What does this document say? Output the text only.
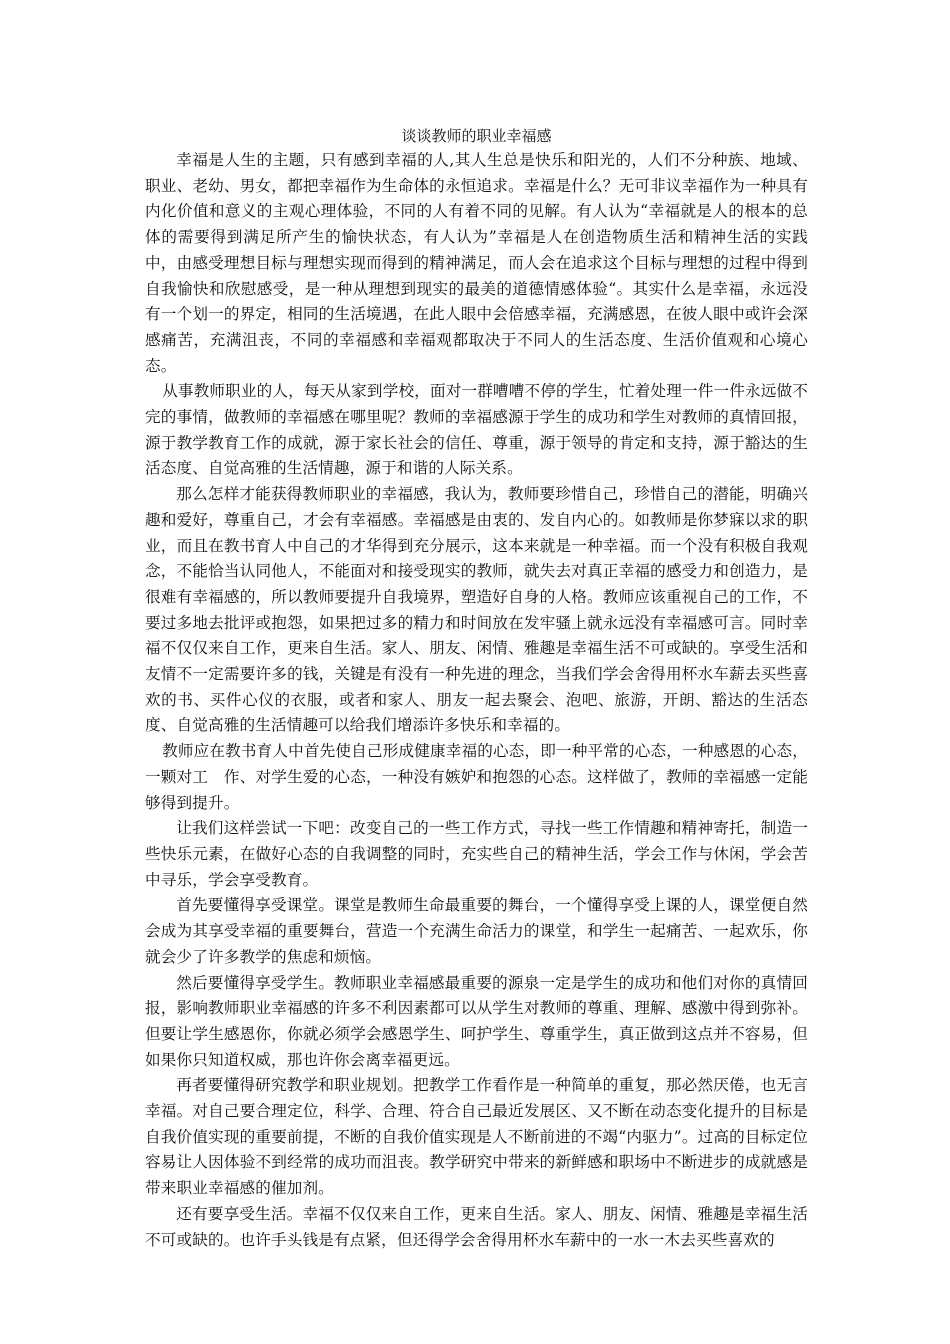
谈谈教师的职业幸福感

幸福是人生的主题，只有感到幸福的人,其人生总是快乐和阳光的，人们不分种族、地域、职业、老幼、男女，都把幸福作为生命体的永恒追求。幸福是什么？无可非议幸福作为一种具有内化价值和意义的主观心理体验，不同的人有着不同的见解。有人认为“幸福就是人的根本的总体的需要得到满足所产生的愉快状态，有人认为”幸福是人在创造物质生活和精神生活的实践中，由感受理想目标与理想实现而得到的精神满足，而人会在追求这个目标与理想的过程中得到自我愉快和欣慰感受，是一种从理想到现实的最美的道德情感体验“。其实什么是幸福，永远没有一个划一的界定，相同的生活境遇，在此人眼中会倍感幸福，充满感恩，在彼人眼中或许会深感痛苦，充满沮丧，不同的幸福感和幸福观都取决于不同人的生活态度、生活价值观和心境心态。

从事教师职业的人，每天从家到学校，面对一群嘈嘈不停的学生，忙着处理一件一件永远做不完的事情，做教师的幸福感在哪里呢？教师的幸福感源于学生的成功和学生对教师的真情回报，源于教学教育工作的成就，源于家长社会的信任、尊重，源于领导的肯定和支持，源于豁达的生活态度、自觉高雅的生活情趣，源于和谐的人际关系。

那么怎样才能获得教师职业的幸福感，我认为，教师要珍惜自己，珍惜自己的潜能，明确兴趣和爱好，尊重自己，才会有幸福感。幸福感是由衷的、发自内心的。如教师是你梦寐以求的职业，而且在教书育人中自己的才华得到充分展示，这本来就是一种幸福。而一个没有积极自我观念，不能恰当认同他人，不能面对和接受现实的教师，就失去对真正幸福的感受力和创造力，是很难有幸福感的，所以教师要提升自我境界，塑造好自身的人格。教师应该重视自己的工作，不要过多地去批评或抱怨，如果把过多的精力和时间放在发牢骚上就永远没有幸福感可言。同时幸福不仅仅来自工作，更来自生活。家人、朋友、闲情、雅趣是幸福生活不可或缺的。享受生活和友情不一定需要许多的钱，关键是有没有一种先进的理念，当我们学会舍得用杯水车薪去买些喜欢的书、买件心仪的衣服，或者和家人、朋友一起去聚会、泡吧、旅游，开朗、豁达的生活态度、自觉高雅的生活情趣可以给我们增添许多快乐和幸福的。

教师应在教书育人中首先使自己形成健康幸福的心态，即一种平常的心态，一种感恩的心态，一颗对工　作、对学生爱的心态，一种没有嫉妒和抱怨的心态。这样做了，教师的幸福感一定能够得到提升。

让我们这样尝试一下吧：改变自己的一些工作方式，寻找一些工作情趣和精神寄托，制造一些快乐元素，在做好心态的自我调整的同时，充实些自己的精神生活，学会工作与休闲，学会苦中寻乐，学会享受教育。

首先要懂得享受课堂。课堂是教师生命最重要的舞台，一个懂得享受上课的人，课堂便自然会成为其享受幸福的重要舞台，营造一个充满生命活力的课堂，和学生一起痛苦、一起欢乐，你就会少了许多教学的焦虑和烦恼。

然后要懂得享受学生。教师职业幸福感最重要的源泉一定是学生的成功和他们对你的真情回报，影响教师职业幸福感的许多不利因素都可以从学生对教师的尊重、理解、感激中得到弥补。但要让学生感恩你，你就必须学会感恩学生、呵护学生、尊重学生，真正做到这点并不容易，但如果你只知道权威，那也许你会离幸福更远。

再者要懂得研究教学和职业规划。把教学工作看作是一种简单的重复，那必然厌倦，也无言幸福。对自己要合理定位，科学、合理、符合自己最近发展区、又不断在动态变化提升的目标是自我价值实现的重要前提，不断的自我价值实现是人不断前进的不竭“内驱力”。过高的目标定位容易让人因体验不到经常的成功而沮丧。教学研究中带来的新鲜感和职场中不断进步的成就感是带来职业幸福感的催加剂。

还有要享受生活。幸福不仅仅来自工作，更来自生活。家人、朋友、闲情、雅趣是幸福生活不可或缺的。也许手头钱是有点紧，但还得学会舍得用杯水车薪中的一水一木去买些喜欢的
